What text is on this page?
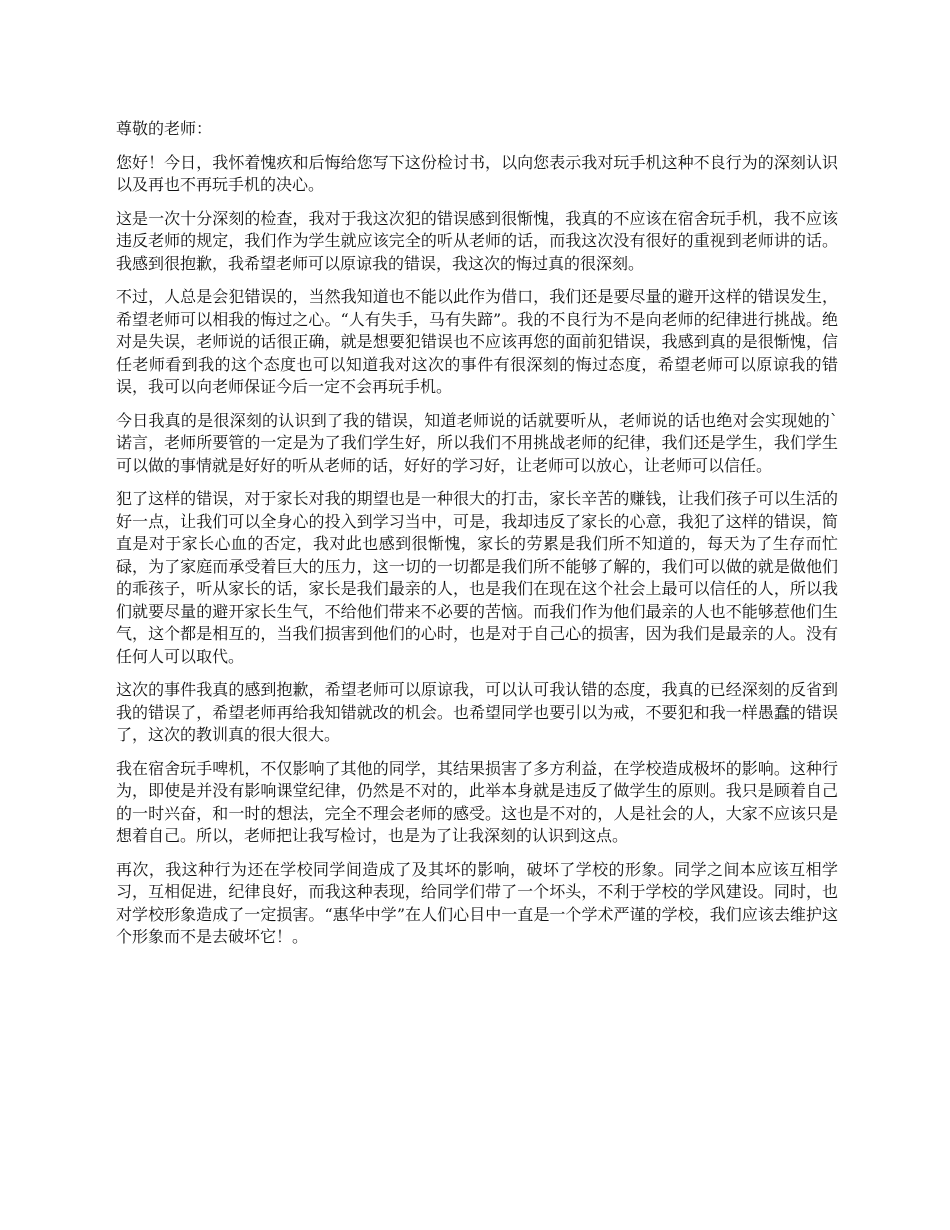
尊敬的老师：

您好！今日，我怀着愧疚和后悔给您写下这份检讨书，以向您表示我对玩手机这种不良行为的深刻认识以及再也不再玩手机的决心。

这是一次十分深刻的检查，我对于我这次犯的错误感到很惭愧，我真的不应该在宿舍玩手机，我不应该违反老师的规定，我们作为学生就应该完全的听从老师的话，而我这次没有很好的重视到老师讲的话。我感到很抱歉，我希望老师可以原谅我的错误，我这次的悔过真的很深刻。

不过，人总是会犯错误的，当然我知道也不能以此作为借口，我们还是要尽量的避开这样的错误发生，希望老师可以相我的悔过之心。“人有失手，马有失蹄”。我的不良行为不是向老师的纪律进行挑战。绝对是失误，老师说的话很正确，就是想要犯错误也不应该再您的面前犯错误，我感到真的是很惭愧，信任老师看到我的这个态度也可以知道我对这次的事件有很深刻的悔过态度，希望老师可以原谅我的错误，我可以向老师保证今后一定不会再玩手机。

今日我真的是很深刻的认识到了我的错误，知道老师说的话就要听从，老师说的话也绝对会实现她的`诺言，老师所要管的一定是为了我们学生好，所以我们不用挑战老师的纪律，我们还是学生，我们学生可以做的事情就是好好的听从老师的话，好好的学习好，让老师可以放心，让老师可以信任。

犯了这样的错误，对于家长对我的期望也是一种很大的打击，家长辛苦的赚钱，让我们孩子可以生活的好一点，让我们可以全身心的投入到学习当中，可是，我却违反了家长的心意，我犯了这样的错误，简直是对于家长心血的否定，我对此也感到很惭愧，家长的劳累是我们所不知道的，每天为了生存而忙碌，为了家庭而承受着巨大的压力，这一切的一切都是我们所不能够了解的，我们可以做的就是做他们的乖孩子，听从家长的话，家长是我们最亲的人，也是我们在现在这个社会上最可以信任的人，所以我们就要尽量的避开家长生气，不给他们带来不必要的苦恼。而我们作为他们最亲的人也不能够惹他们生气，这个都是相互的，当我们损害到他们的心时，也是对于自己心的损害，因为我们是最亲的人。没有任何人可以取代。

这次的事件我真的感到抱歉，希望老师可以原谅我，可以认可我认错的态度，我真的已经深刻的反省到我的错误了，希望老师再给我知错就改的机会。也希望同学也要引以为戒，不要犯和我一样愚蠢的错误了，这次的教训真的很大很大。

我在宿舍玩手啤机，不仅影响了其他的同学，其结果损害了多方利益，在学校造成极坏的影响。这种行为，即使是并没有影响课堂纪律，仍然是不对的，此举本身就是违反了做学生的原则。我只是顾着自己的一时兴奋，和一时的想法，完全不理会老师的感受。这也是不对的，人是社会的人，大家不应该只是想着自己。所以，老师把让我写检讨，也是为了让我深刻的认识到这点。

再次，我这种行为还在学校同学间造成了及其坏的影响，破坏了学校的形象。同学之间本应该互相学习，互相促进，纪律良好，而我这种表现，给同学们带了一个坏头，不利于学校的学风建设。同时，也对学校形象造成了一定损害。“惠华中学”在人们心目中一直是一个学术严谨的学校，我们应该去维护这个形象而不是去破坏它！。
